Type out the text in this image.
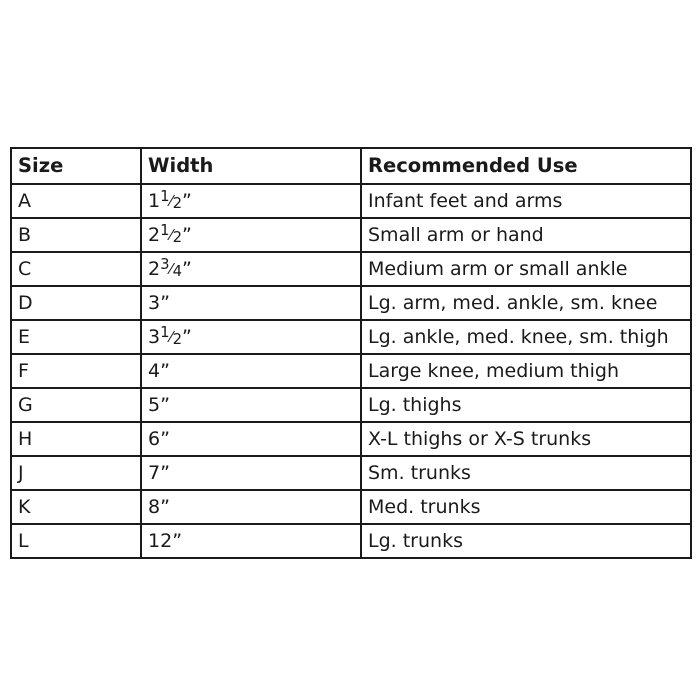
Size	Width	Recommended Use
A	11⁄2”	Infant feet and arms
B	21⁄2”	Small arm or hand
C	23⁄4”	Medium arm or small ankle
D	3”	Lg. arm, med. ankle, sm. knee
E	31⁄2”	Lg. ankle, med. knee, sm. thigh
F	4”	Large knee, medium thigh
G	5”	Lg. thighs
H	6”	X-L thighs or X-S trunks
J	7”	Sm. trunks
K	8”	Med. trunks
L	12”	Lg. trunks
